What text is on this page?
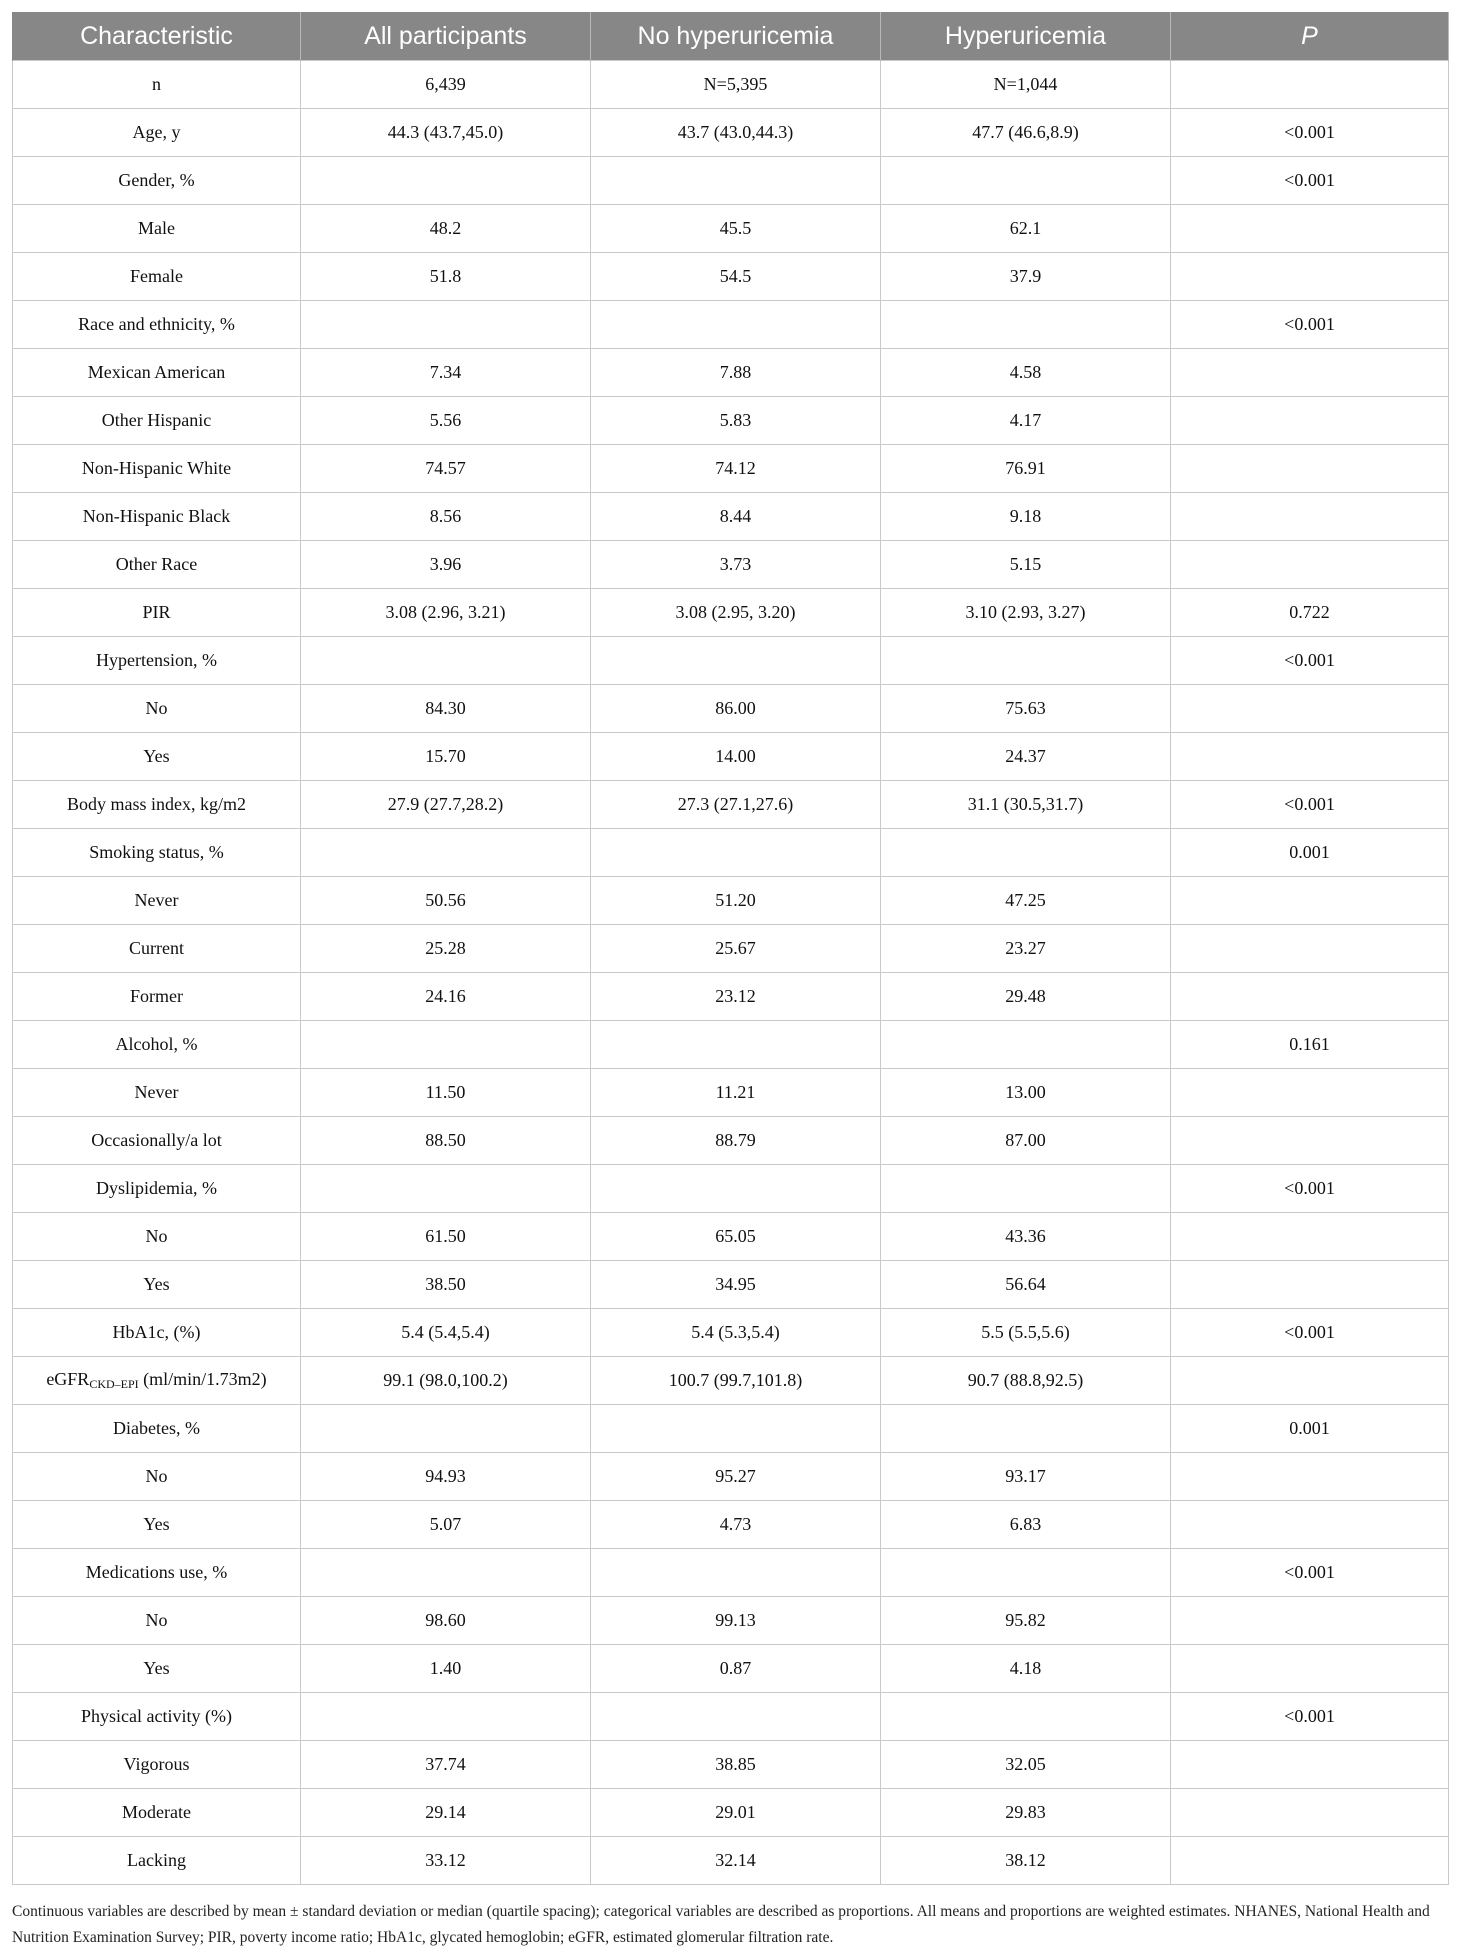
Characteristic	All participants	No hyperuricemia	Hyperuricemia	P
n	6,439	N=5,395	N=1,044	
Age, y	44.3 (43.7,45.0)	43.7 (43.0,44.3)	47.7 (46.6,8.9)	<0.001
Gender, %				<0.001
Male	48.2	45.5	62.1	
Female	51.8	54.5	37.9	
Race and ethnicity, %				<0.001
Mexican American	7.34	7.88	4.58	
Other Hispanic	5.56	5.83	4.17	
Non-Hispanic White	74.57	74.12	76.91	
Non-Hispanic Black	8.56	8.44	9.18	
Other Race	3.96	3.73	5.15	
PIR	3.08 (2.96, 3.21)	3.08 (2.95, 3.20)	3.10 (2.93, 3.27)	0.722
Hypertension, %				<0.001
No	84.30	86.00	75.63	
Yes	15.70	14.00	24.37	
Body mass index, kg/m2	27.9 (27.7,28.2)	27.3 (27.1,27.6)	31.1 (30.5,31.7)	<0.001
Smoking status, %				0.001
Never	50.56	51.20	47.25	
Current	25.28	25.67	23.27	
Former	24.16	23.12	29.48	
Alcohol, %				0.161
Never	11.50	11.21	13.00	
Occasionally/a lot	88.50	88.79	87.00	
Dyslipidemia, %				<0.001
No	61.50	65.05	43.36	
Yes	38.50	34.95	56.64	
HbA1c, (%)	5.4 (5.4,5.4)	5.4 (5.3,5.4)	5.5 (5.5,5.6)	<0.001
eGFR$_{CKD-EPI}$ (ml/min/1.73m2)	99.1 (98.0,100.2)	100.7 (99.7,101.8)	90.7 (88.8,92.5)	
Diabetes, %				0.001
No	94.93	95.27	93.17	
Yes	5.07	4.73	6.83	
Medications use, %				<0.001
No	98.60	99.13	95.82	
Yes	1.40	0.87	4.18	
Physical activity (%)				<0.001
Vigorous	37.74	38.85	32.05	
Moderate	29.14	29.01	29.83	
Lacking	33.12	32.14	38.12	
Continuous variables are described by mean ± standard deviation or median (quartile spacing); categorical variables are described as proportions. All means and proportions are weighted estimates. NHANES, National Health and Nutrition Examination Survey; PIR, poverty income ratio; HbA1c, glycated hemoglobin; eGFR, estimated glomerular filtration rate.
